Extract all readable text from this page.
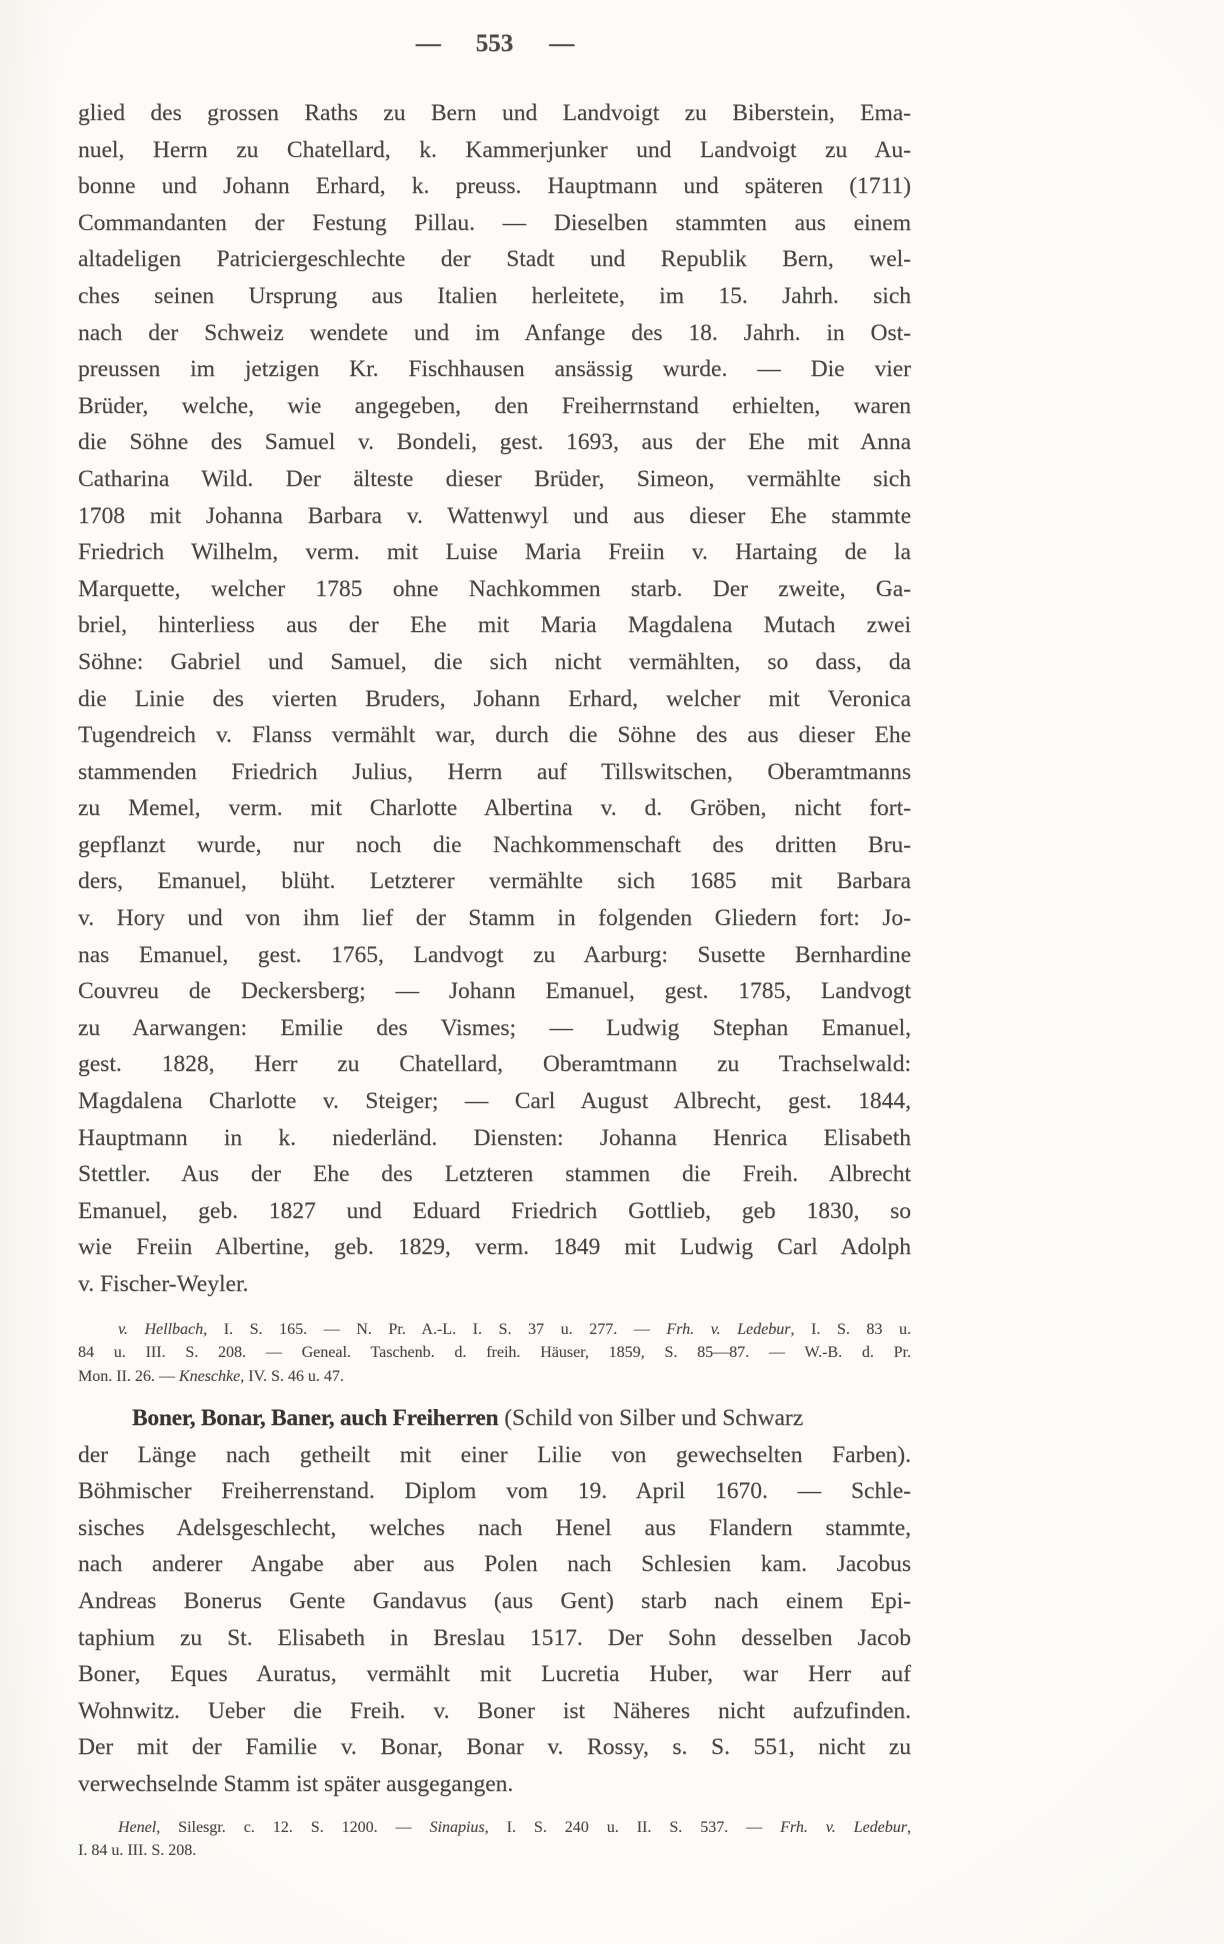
— 553 —
glied des grossen Raths zu Bern und Landvoigt zu Biberstein, Ema-
nuel, Herrn zu Chatellard, k. Kammerjunker und Landvoigt zu Au-
bonne und Johann Erhard, k. preuss. Hauptmann und späteren (1711)
Commandanten der Festung Pillau. — Dieselben stammten aus einem
altadeligen Patriciergeschlechte der Stadt und Republik Bern, wel-
ches seinen Ursprung aus Italien herleitete, im 15. Jahrh. sich
nach der Schweiz wendete und im Anfange des 18. Jahrh. in Ost-
preussen im jetzigen Kr. Fischhausen ansässig wurde. — Die vier
Brüder, welche, wie angegeben, den Freiherrnstand erhielten, waren
die Söhne des Samuel v. Bondeli, gest. 1693, aus der Ehe mit Anna
Catharina Wild. Der älteste dieser Brüder, Simeon, vermählte sich
1708 mit Johanna Barbara v. Wattenwyl und aus dieser Ehe stammte
Friedrich Wilhelm, verm. mit Luise Maria Freiin v. Hartaing de la
Marquette, welcher 1785 ohne Nachkommen starb. Der zweite, Ga-
briel, hinterliess aus der Ehe mit Maria Magdalena Mutach zwei
Söhne: Gabriel und Samuel, die sich nicht vermählten, so dass, da
die Linie des vierten Bruders, Johann Erhard, welcher mit Veronica
Tugendreich v. Flanss vermählt war, durch die Söhne des aus dieser Ehe
stammenden Friedrich Julius, Herrn auf Tillswitschen, Oberamtmanns
zu Memel, verm. mit Charlotte Albertina v. d. Gröben, nicht fort-
gepflanzt wurde, nur noch die Nachkommenschaft des dritten Bru-
ders, Emanuel, blüht. Letzterer vermählte sich 1685 mit Barbara
v. Hory und von ihm lief der Stamm in folgenden Gliedern fort: Jo-
nas Emanuel, gest. 1765, Landvogt zu Aarburg: Susette Bernhardine
Couvreu de Deckersberg; — Johann Emanuel, gest. 1785, Landvogt
zu Aarwangen: Emilie des Vismes; — Ludwig Stephan Emanuel,
gest. 1828, Herr zu Chatellard, Oberamtmann zu Trachselwald:
Magdalena Charlotte v. Steiger; — Carl August Albrecht, gest. 1844,
Hauptmann in k. niederländ. Diensten: Johanna Henrica Elisabeth
Stettler. Aus der Ehe des Letzteren stammen die Freih. Albrecht
Emanuel, geb. 1827 und Eduard Friedrich Gottlieb, geb 1830, so
wie Freiin Albertine, geb. 1829, verm. 1849 mit Ludwig Carl Adolph
v. Fischer-Weyler.
v. Hellbach, I. S. 165. — N. Pr. A.-L. I. S. 37 u. 277. — Frh. v. Ledebur, I. S. 83 u.
84 u. III. S. 208. — Geneal. Taschenb. d. freih. Häuser, 1859, S. 85—87. — W.-B. d. Pr.
Mon. II. 26. — Kneschke, IV. S. 46 u. 47.
Boner, Bonar, Baner, auch Freiherren (Schild von Silber und Schwarz
der Länge nach getheilt mit einer Lilie von gewechselten Farben).
Böhmischer Freiherrenstand. Diplom vom 19. April 1670. — Schle-
sisches Adelsgeschlecht, welches nach Henel aus Flandern stammte,
nach anderer Angabe aber aus Polen nach Schlesien kam. Jacobus
Andreas Bonerus Gente Gandavus (aus Gent) starb nach einem Epi-
taphium zu St. Elisabeth in Breslau 1517. Der Sohn desselben Jacob
Boner, Eques Auratus, vermählt mit Lucretia Huber, war Herr auf
Wohnwitz. Ueber die Freih. v. Boner ist Näheres nicht aufzufinden.
Der mit der Familie v. Bonar, Bonar v. Rossy, s. S. 551, nicht zu
verwechselnde Stamm ist später ausgegangen.
Henel, Silesgr. c. 12. S. 1200. — Sinapius, I. S. 240 u. II. S. 537. — Frh. v. Ledebur,
I. 84 u. III. S. 208.
